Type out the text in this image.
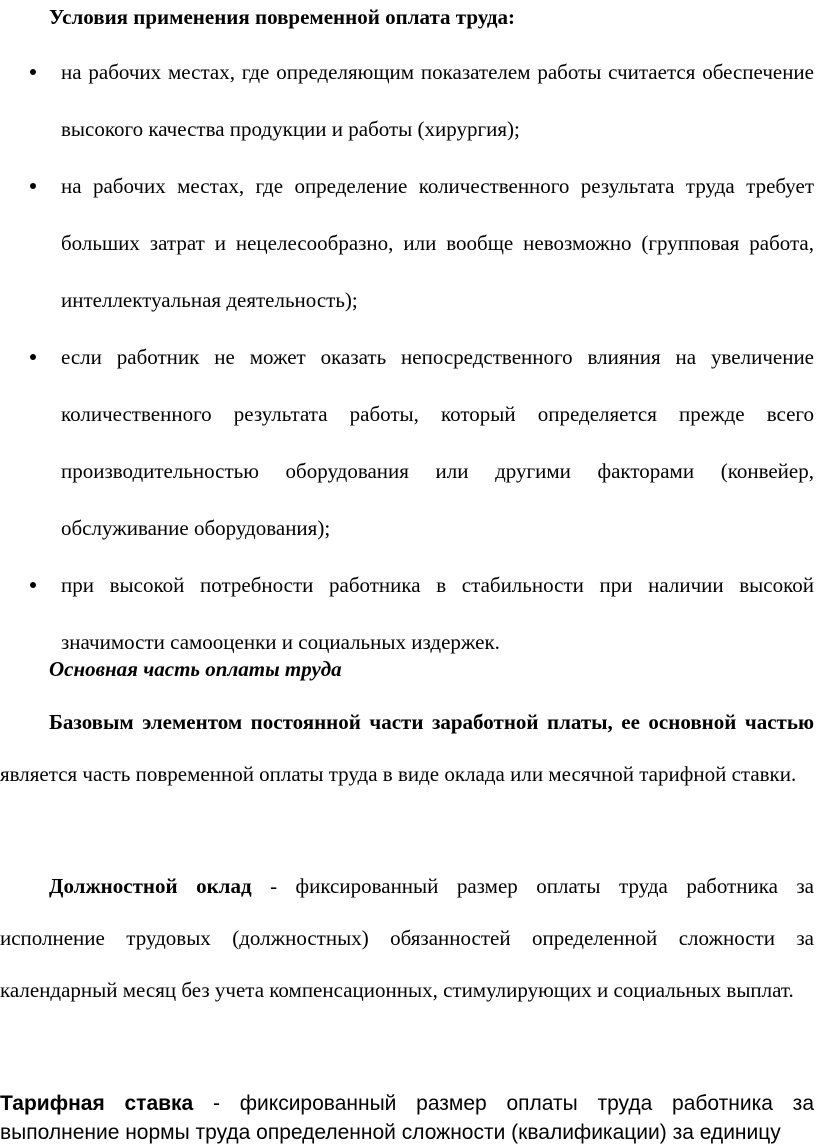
Условия применения повременной оплата труда:
на рабочих местах, где определяющим показателем работы считается обеспечение высокого качества продукции и работы (хирургия);
на рабочих местах, где определение количественного результата труда требует больших затрат и нецелесообразно, или вообще невозможно (групповая работа, интеллектуальная деятельность);
если работник не может оказать непосредственного влияния на увеличение количественного результата работы, который определяется прежде всего производительностью оборудования или другими факторами (конвейер, обслуживание оборудования);
при высокой потребности работника в стабильности при наличии высокой значимости самооценки и социальных издержек.
Основная часть оплаты труда
Базовым элементом постоянной части заработной платы, ее основной частью является часть повременной оплаты труда в виде оклада или месячной тарифной ставки.
Должностной оклад - фиксированный размер оплаты труда работника за исполнение трудовых (должностных) обязанностей определенной сложности за календарный месяц без учета компенсационных, стимулирующих и социальных выплат.
Тарифная ставка - фиксированный размер оплаты труда работника за выполнение нормы труда определенной сложности (квалификации) за единицу
